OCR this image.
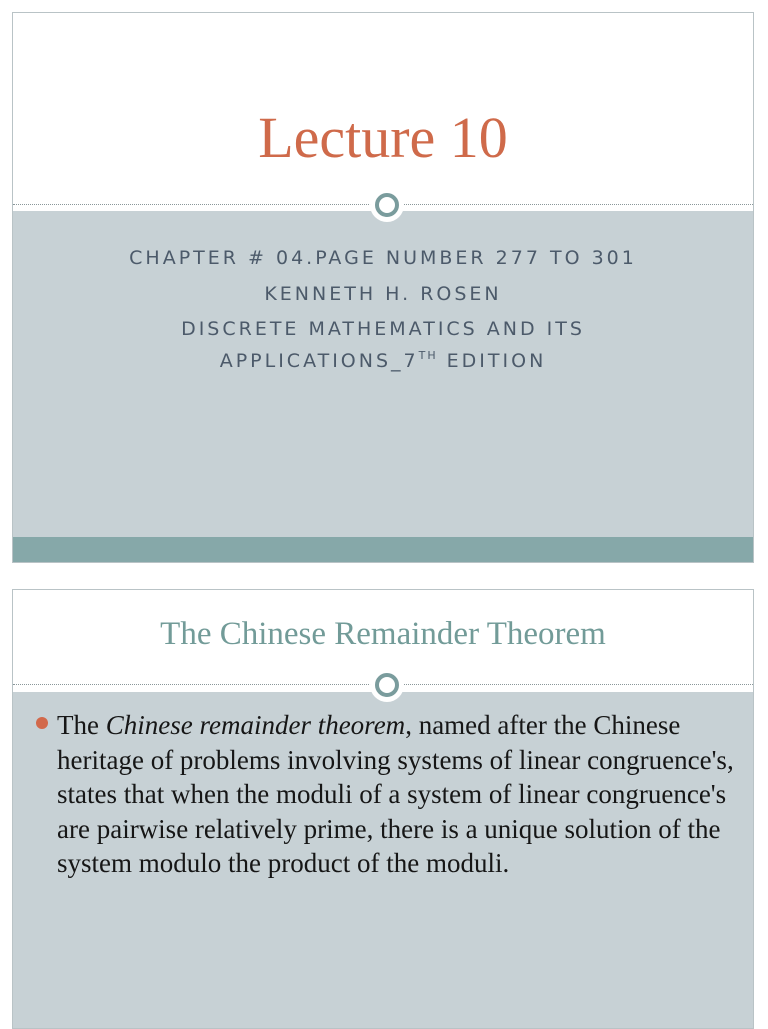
Lecture 10
CHAPTER # 04.PAGE NUMBER 277 TO 301
KENNETH H. ROSEN
DISCRETE MATHEMATICS AND ITS
APPLICATIONS_7TH EDITION
The Chinese Remainder Theorem

The Chinese remainder theorem, named after the Chinese heritage of problems involving systems of linear congruence's, states that when the moduli of a system of linear congruence's are pairwise relatively prime, there is a unique solution of the system modulo the product of the moduli.
